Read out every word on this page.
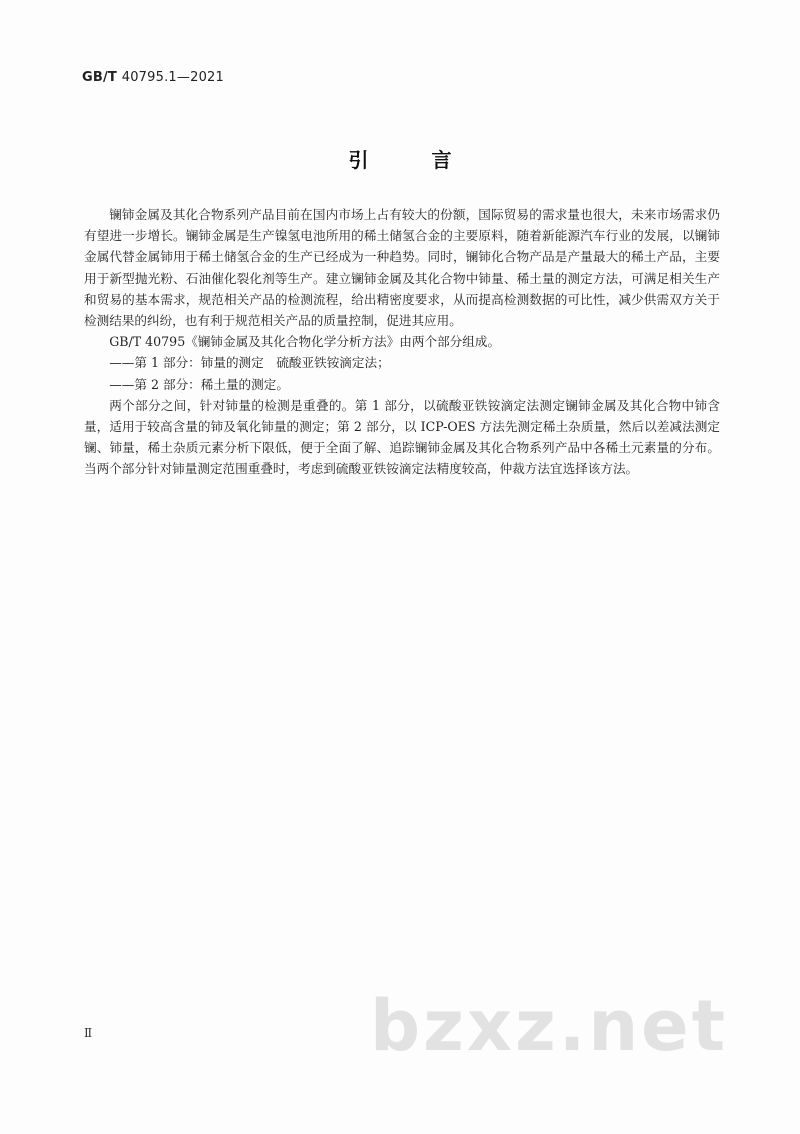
GB/T 40795.1—2021
引 言

镧铈金属及其化合物系列产品目前在国内市场上占有较大的份额，国际贸易的需求量也很大，未来市场需求仍有望进一步增长。镧铈金属是生产镍氢电池所用的稀土储氢合金的主要原料，随着新能源汽车行业的发展，以镧铈金属代替金属铈用于稀土储氢合金的生产已经成为一种趋势。同时，镧铈化合物产品是产量最大的稀土产品，主要用于新型抛光粉、石油催化裂化剂等生产。建立镧铈金属及其化合物中铈量、稀土量的测定方法，可满足相关生产和贸易的基本需求，规范相关产品的检测流程，给出精密度要求，从而提高检测数据的可比性，减少供需双方关于检测结果的纠纷，也有利于规范相关产品的质量控制，促进其应用。

GB/T 40795《镧铈金属及其化合物化学分析方法》由两个部分组成。

——第 1 部分：铈量的测定　硫酸亚铁铵滴定法；

——第 2 部分：稀土量的测定。

两个部分之间，针对铈量的检测是重叠的。第 1 部分，以硫酸亚铁铵滴定法测定镧铈金属及其化合物中铈含量，适用于较高含量的铈及氧化铈量的测定；第 2 部分，以 ICP-OES 方法先测定稀土杂质量，然后以差减法测定镧、铈量，稀土杂质元素分析下限低，便于全面了解、追踪镧铈金属及其化合物系列产品中各稀土元素量的分布。当两个部分针对铈量测定范围重叠时，考虑到硫酸亚铁铵滴定法精度较高，仲裁方法宜选择该方法。

Ⅱ	bzxz.net
